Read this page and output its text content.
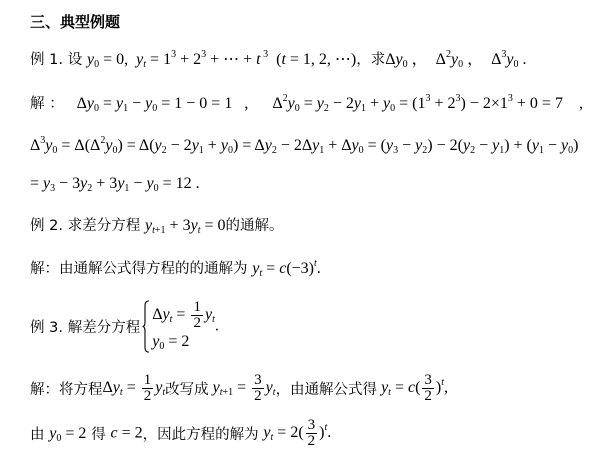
三、典型例题
例 1. 设 $y_0 = 0$,  $y_t = 1^3 + 2^3$ + ⋯ + t $^3$  (t = 1, 2, ⋯)，求$\Delta y_0$ ，  $\Delta^2y_0$ ，  $\Delta^3y_0$ .
解 ：   $\Delta y_0 = y_1 - y_0 = 1 - 0 = 1$   ,      $\Delta^2y_0 = y_2 - 2y_1 + y_0 = (1^3 + 2^3) - 2\times 1^3 + 0 = 7$    ,
$\Delta^3y_0 = \Delta(\Delta^2y_0) = \Delta(y_2 - 2y_1 + y_0) = \Delta y_2 - 2\Delta y_1 + \Delta y_0 = (y_3 - y_2) - 2(y_2 - y_1) + (y_1 - y_0)$
= $y_3 - 3y_2 + 3y_1 - y_0 = 12$ .
例 2. 求差分方程 $y_{t+1} + 3y_t = 0$的通解。
解：由通解公式得方程的的通解为 $y_t = c(-3)^t$.
例 3. 解差分方程
$\Delta y_t = \frac{1}{2} y_t$
$y_0 = 2$
.
解：将方程$\Delta y_t = \frac{1}{2} y_t$改写成 $y_{t+1} = \frac{3}{2} y_t$，由通解公式得 $y_t = c( \frac{3}{2} )^t$,
由 $y_0 = 2$ 得 c = 2，因此方程的解为 $y_t = 2( \frac{3}{2} )^t$.
